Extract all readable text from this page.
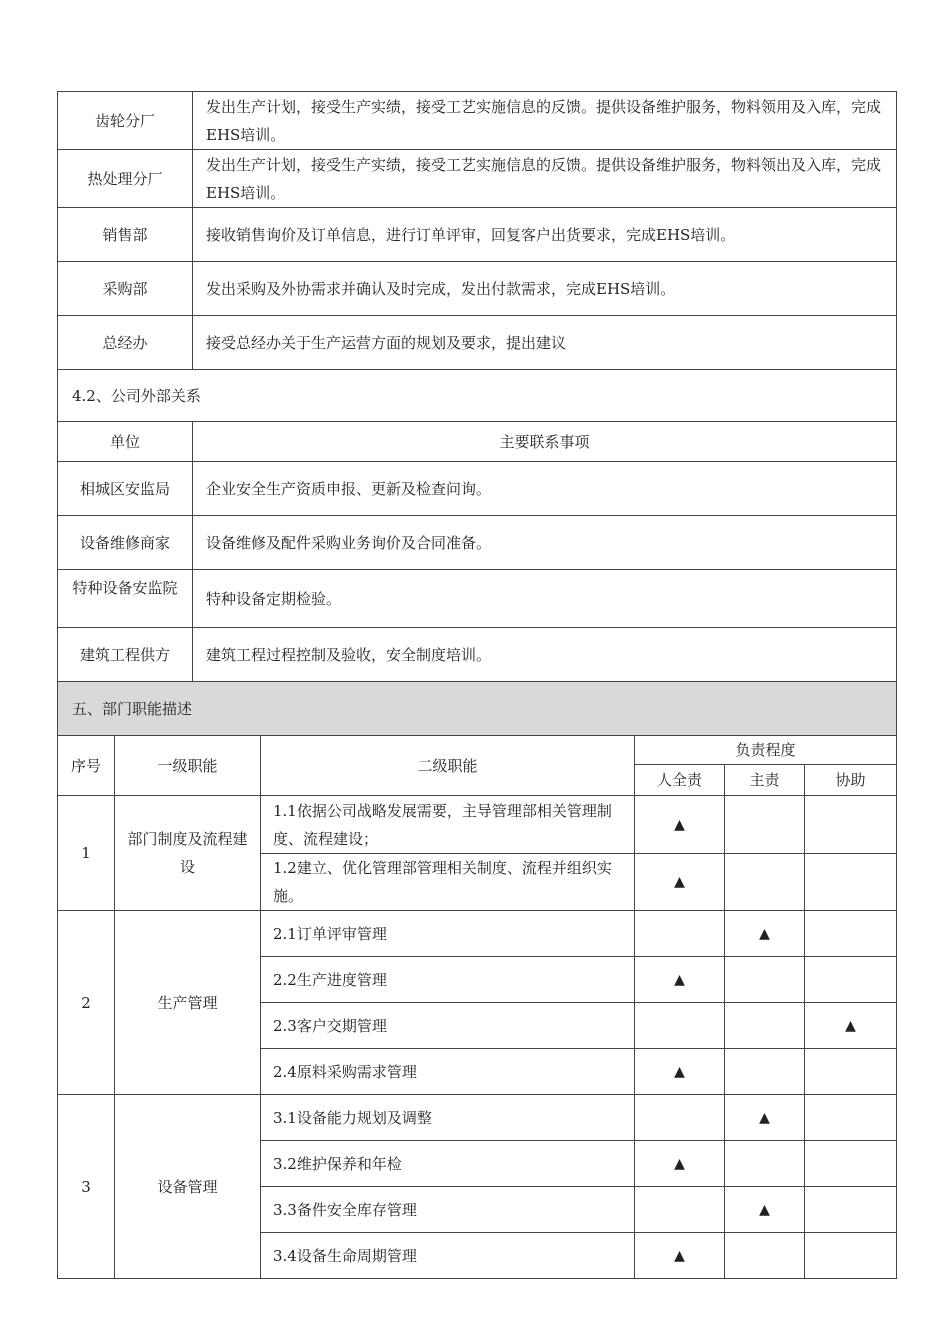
齿轮分厂	发出生产计划，接受生产实绩，接受工艺实施信息的反馈。提供设备维护服务，物料领用及入库，完成EHS培训。
热处理分厂	发出生产计划，接受生产实绩，接受工艺实施信息的反馈。提供设备维护服务，物料领出及入库，完成EHS培训。
销售部	接收销售询价及订单信息，进行订单评审，回复客户出货要求，完成EHS培训。
采购部	发出采购及外协需求并确认及时完成，发出付款需求，完成EHS培训。
总经办	接受总经办关于生产运营方面的规划及要求，提出建议
4.2、公司外部关系	
单位	主要联系事项
相城区安监局	企业安全生产资质申报、更新及检查问询。
设备维修商家	设备维修及配件采购业务询价及合同准备。
特种设备安监院	特种设备定期检验。
建筑工程供方	建筑工程过程控制及验收，安全制度培训。
五、部门职能描述	
序号	一级职能	二级职能	负责程度		
			人全责	主责	协助
1	部门制度及流程建设	1.1依据公司战略发展需要，主导管理部相关管理制度、流程建设；	▲		
		1.2建立、优化管理部管理相关制度、流程并组织实施。	▲		
2	生产管理	2.1订单评审管理		▲	
		2.2生产进度管理	▲		
		2.3客户交期管理			▲
		2.4原料采购需求管理	▲		
3	设备管理	3.1设备能力规划及调整		▲	
		3.2维护保养和年检	▲		
		3.3备件安全库存管理		▲	
		3.4设备生命周期管理	▲		
